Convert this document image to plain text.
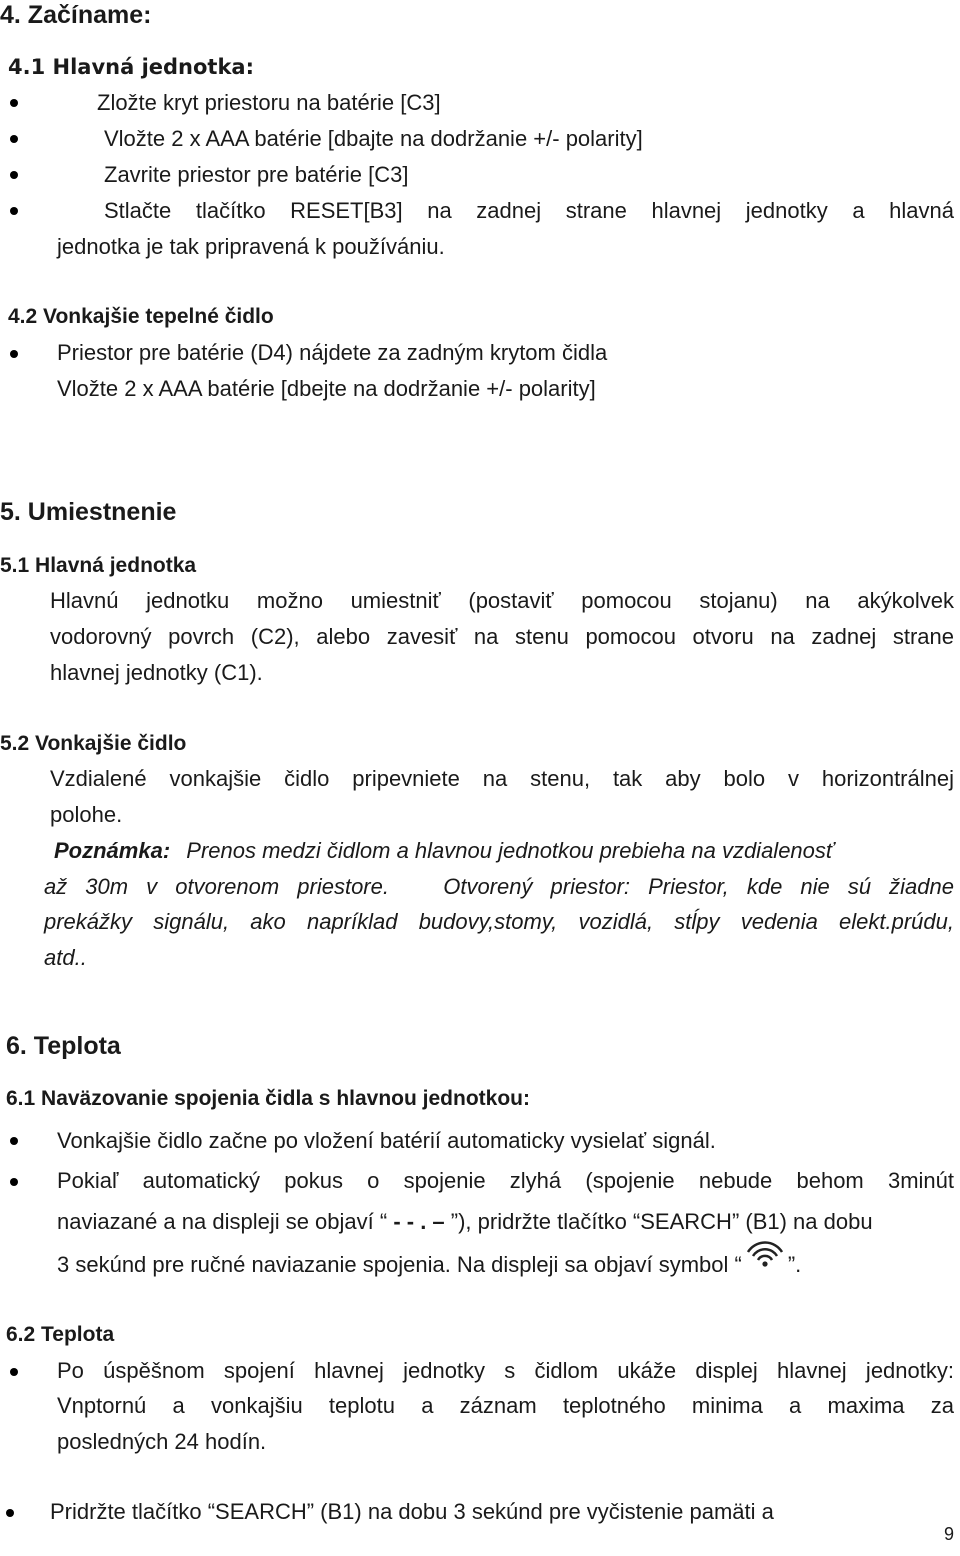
4. Začíname:
4.1 Hlavná jednotka:
Zložte kryt priestoru na batérie [C3]
Vložte 2 x AAA batérie [dbajte na dodržanie +/- polarity]
Zavrite priestor pre batérie [C3]
Stlačte tlačítko RESET[B3] na zadnej strane hlavnej jednotky a hlavná
jednotka je tak pripravená k používániu.
4.2 Vonkajšie tepelné čidlo
Priestor pre batérie (D4) nájdete za zadným krytom čidla
Vložte 2 x AAA batérie [dbejte na dodržanie +/- polarity]
5. Umiestnenie
5.1 Hlavná jednotka
Hlavnú jednotku možno umiestniť (postaviť pomocou stojanu) na akýkolvek
vodorovný povrch (C2), alebo zavesiť na stenu pomocou otvoru na zadnej strane
hlavnej jednotky (C1).
5.2 Vonkajšie čidlo
Vzdialené vonkajšie čidlo pripevniete na stenu, tak aby bolo v horizontrálnej
polohe.
Poznámka: Prenos medzi čidlom a hlavnou jednotkou prebieha na vzdialenosť
až 30m v otvorenom priestore.   Otvorený priestor: Priestor, kde nie sú žiadne
prekážky signálu, ako napríklad budovy,stomy, vozidlá, stĺpy vedenia elekt.prúdu,
atd..
6. Teplota
6.1 Naväzovanie spojenia čidla s hlavnou jednotkou:
Vonkajšie čidlo začne po vložení batérií automaticky vysielať signál.
Pokiaľ automatický pokus o spojenie zlyhá (spojenie nebude behom 3minút
naviazané a na displeji se objaví “ - - . – ”), pridržte tlačítko “SEARCH” (B1) na dobu
3 sekúnd pre ručné naviazanie spojenia. Na displeji sa objaví symbol “ ”.
6.2 Teplota
Po úspěšnom spojení hlavnej jednotky s čidlom ukáže displej hlavnej jednotky:
Vnptornú a vonkajšiu teplotu a záznam teplotného minima a maxima za
posledných 24 hodín.
Pridržte tlačítko “SEARCH” (B1) na dobu 3 sekúnd pre vyčistenie pamäti a
9
